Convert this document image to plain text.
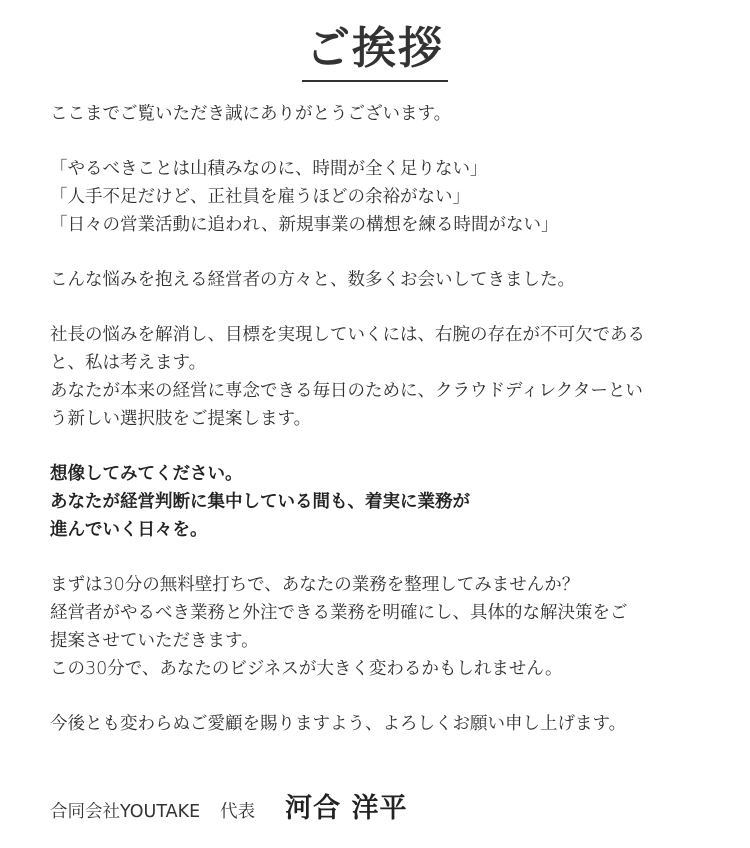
ご挨拶

ここまでご覧いただき誠にありがとうございます。

「やるべきことは山積みなのに、時間が全く足りない」
「人手不足だけど、正社員を雇うほどの余裕がない」
「日々の営業活動に追われ、新規事業の構想を練る時間がない」

こんな悩みを抱える経営者の方々と、数多くお会いしてきました。

社長の悩みを解消し、目標を実現していくには、右腕の存在が不可欠である
と、私は考えます。
あなたが本来の経営に専念できる毎日のために、クラウドディレクターとい
う新しい選択肢をご提案します。

想像してみてください。
あなたが経営判断に集中している間も、着実に業務が
進んでいく日々を。

まずは30分の無料壁打ちで、あなたの業務を整理してみませんか？
経営者がやるべき業務と外注できる業務を明確にし、具体的な解決策をご
提案させていただきます。
この30分で、あなたのビジネスが大きく変わるかもしれません。

今後とも変わらぬご愛顧を賜りますよう、よろしくお願い申し上げます。

合同会社YOUTAKE 代表 河合 洋平
